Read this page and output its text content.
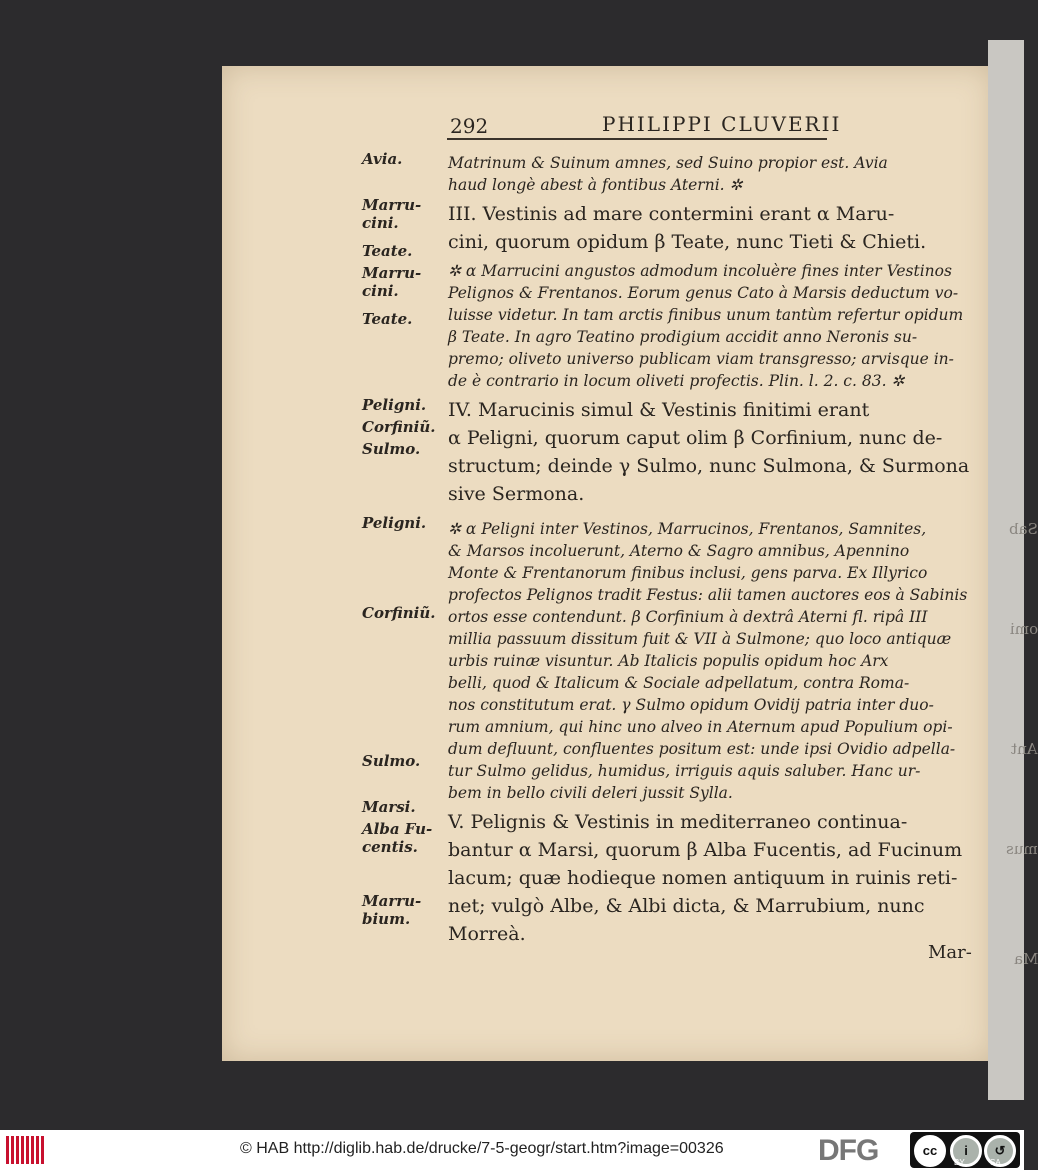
292	PHILIPPI CLUVERII
Avia.
Marru-
cini.
Teate.
Marru-
cini.
Teate.
Peligni.
Corfiniũ.
Sulmo.
Peligni.
Corfiniũ.
Sulmo.
Marsi.
Alba Fu-
centis.
Marru-
bium.
Matrinum & Suinum amnes, sed Suino propior est. Avia
haud longè abest à fontibus Aterni. ✲
III. Vestinis ad mare contermini erant α Maru-
cini, quorum opidum β Teate, nunc Tieti & Chieti.
✲ α Marrucini angustos admodum incoluère fines inter Vestinos
Pelignos & Frentanos. Eorum genus Cato à Marsis deductum vo-
luisse videtur. In tam arctis finibus unum tantùm refertur opidum
β Teate. In agro Teatino prodigium accidit anno Neronis su-
premo; oliveto universo publicam viam transgresso; arvisque in-
de è contrario in locum oliveti profectis. Plin. l. 2. c. 83. ✲
IV. Marucinis simul & Vestinis finitimi erant
α Peligni, quorum caput olim β Corfinium, nunc de-
structum; deinde γ Sulmo, nunc Sulmona, & Surmona
sive Sermona.
✲ α Peligni inter Vestinos, Marrucinos, Frentanos, Samnites,
& Marsos incoluerunt, Aterno & Sagro amnibus, Apennino
Monte & Frentanorum finibus inclusi, gens parva. Ex Illyrico
profectos Pelignos tradit Festus: alii tamen auctores eos à Sabinis
ortos esse contendunt. β Corfinium à dextrâ Aterni fl. ripâ III
millia passuum dissitum fuit & VII à Sulmone; quo loco antiquæ
urbis ruinæ visuntur. Ab Italicis populis opidum hoc Arx
belli, quod & Italicum & Sociale adpellatum, contra Roma-
nos constitutum erat. γ Sulmo opidum Ovidij patria inter duo-
rum amnium, qui hinc uno alveo in Aternum apud Populium opi-
dum defluunt, confluentes positum est: unde ipsi Ovidio adpella-
tur Sulmo gelidus, humidus, irriguis aquis saluber. Hanc ur-
bem in bello civili deleri jussit Sylla.
V. Pelignis & Vestinis in mediterraneo continua-
bantur α Marsi, quorum β Alba Fucentis, ad Fucinum
lacum; quæ hodieque nomen antiquum in ruinis reti-
net; vulgò Albe, & Albi dicta, & Marrubium, nunc
Morreà.
Mar-
Sab
omi
Ant
mus
Ma
© HAB http://diglib.hab.de/drucke/7-5-geogr/start.htm?image=00326	DFG	cc	i	↺
BY	SA
